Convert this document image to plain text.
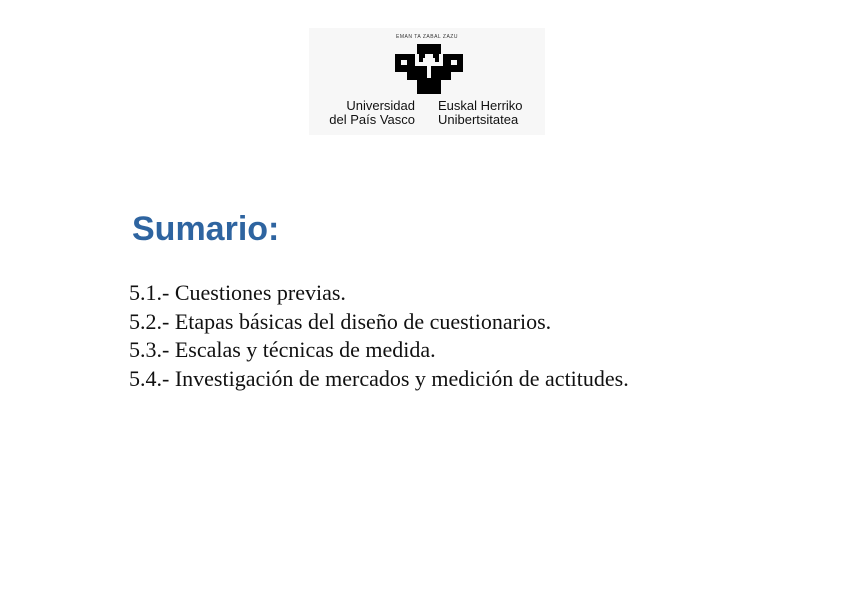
EMAN TA ZABAL ZAZU
Universidad
del País Vasco
Euskal Herriko
Unibertsitatea
Sumario:
5.1.- Cuestiones previas.
5.2.- Etapas básicas del diseño de cuestionarios.
5.3.- Escalas y técnicas de medida.
5.4.- Investigación de mercados y medición de actitudes.
